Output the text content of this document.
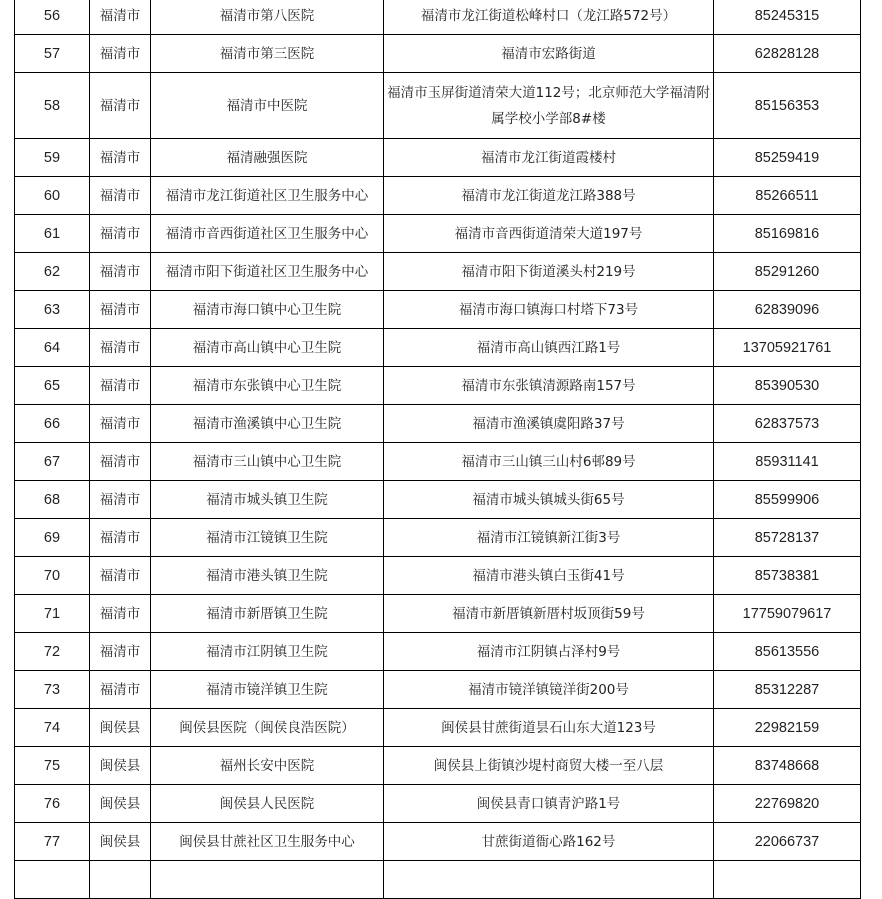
56	福清市	福清市第八医院	福清市龙江街道松峰村口（龙江路572号）	85245315
57	福清市	福清市第三医院	福清市宏路街道	62828128
58	福清市	福清市中医院	福清市玉屏街道清荣大道112号；北京师范大学福清附属学校小学部8#楼	85156353
59	福清市	福清融强医院	福清市龙江街道霞楼村	85259419
60	福清市	福清市龙江街道社区卫生服务中心	福清市龙江街道龙江路388号	85266511
61	福清市	福清市音西街道社区卫生服务中心	福清市音西街道清荣大道197号	85169816
62	福清市	福清市阳下街道社区卫生服务中心	福清市阳下街道溪头村219号	85291260
63	福清市	福清市海口镇中心卫生院	福清市海口镇海口村塔下73号	62839096
64	福清市	福清市高山镇中心卫生院	福清市高山镇西江路1号	13705921761
65	福清市	福清市东张镇中心卫生院	福清市东张镇清源路南157号	85390530
66	福清市	福清市渔溪镇中心卫生院	福清市渔溪镇虞阳路37号	62837573
67	福清市	福清市三山镇中心卫生院	福清市三山镇三山村6邨89号	85931141
68	福清市	福清市城头镇卫生院	福清市城头镇城头街65号	85599906
69	福清市	福清市江镜镇卫生院	福清市江镜镇新江街3号	85728137
70	福清市	福清市港头镇卫生院	福清市港头镇白玉街41号	85738381
71	福清市	福清市新厝镇卫生院	福清市新厝镇新厝村坂顶街59号	17759079617
72	福清市	福清市江阴镇卫生院	福清市江阴镇占泽村9号	85613556
73	福清市	福清市镜洋镇卫生院	福清市镜洋镇镜洋街200号	85312287
74	闽侯县	闽侯县医院（闽侯良浩医院）	闽侯县甘蔗街道昙石山东大道123号	22982159
75	闽侯县	福州长安中医院	闽侯县上街镇沙堤村商贸大楼一至八层	83748668
76	闽侯县	闽侯县人民医院	闽侯县青口镇青沪路1号	22769820
77	闽侯县	闽侯县甘蔗社区卫生服务中心	甘蔗街道衙心路162号	22066737
